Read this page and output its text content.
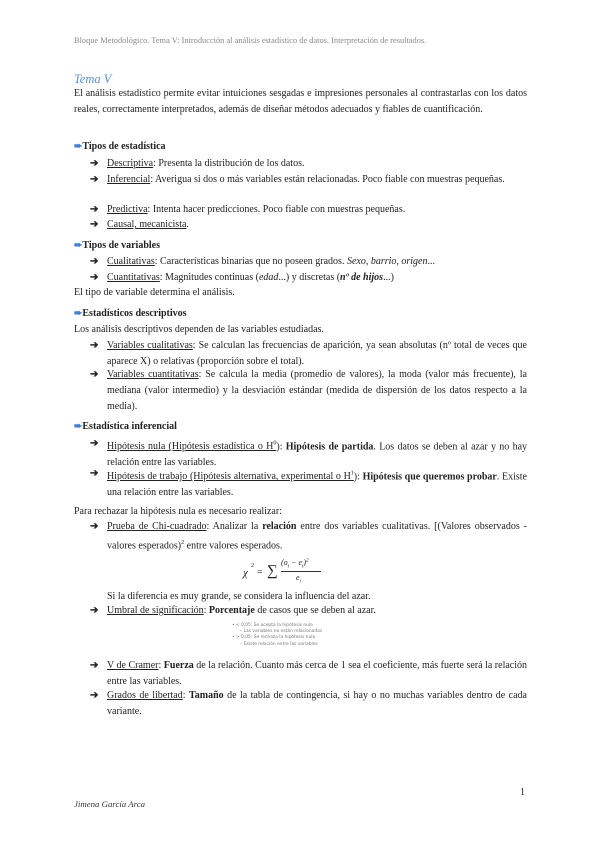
Bloque Metodológico. Tema V: Introducción al análisis estadístico de datos. Interpretación de resultados.
Tema V
El análisis estadístico permite evitar intuiciones sesgadas e impresiones personales al contrastarlas con los datos reales, correctamente interpretados, además de diseñar métodos adecuados y fiables de cuantificación.
➨Tipos de estadística
➔ Descriptiva: Presenta la distribución de los datos.
➔ Inferencial: Averigua si dos o más variables están relacionadas. Poco fiable con muestras pequeñas.
➔ Predictiva: Intenta hacer predicciones. Poco fiable con muestras pequeñas.
➔ Causal, mecanicista.
➨Tipos de variables
➔ Cualitativas: Características binarias que no poseen grados. Sexo, barrio, origen...
➔ Cuantitativas: Magnitudes continuas (edad...) y discretas (nº de hijos...)
El tipo de variable determina el análisis.
➨Estadísticos descriptivos
Los análisis descriptivos dependen de las variables estudiadas.
➔ Variables cualitativas: Se calculan las frecuencias de aparición, ya sean absolutas (nº total de veces que aparece X) o relativas (proporción sobre el total).
➔ Variables cuantitativas: Se calcula la media (promedio de valores), la moda (valor más frecuente), la mediana (valor intermedio) y la desviación estándar (medida de dispersión de los datos respecto a la media).
➨Estadística inferencial
➔ Hipótesis nula (Hipótesis estadística o $H^0$): Hipótesis de partida. Los datos se deben al azar y no hay relación entre las variables.
➔ Hipótesis de trabajo (Hipótesis alternativa, experimental o $H^1$): Hipótesis que queremos probar. Existe una relación entre las variables.
Para rechazar la hipótesis nula es necesario realizar:
➔ Prueba de Chi-cuadrado: Analizar la relación entre dos variables cualitativas. [(Valores observados - valores esperados)$^2$ entre valores esperados.
χ
2
= ∑
$(o_i - e_i)^2$
$e_i$
Si la diferencia es muy grande, se considera la influencia del azar.
➔ Umbral de significación: Porcentaje de casos que se deben al azar.
• < 0,05: Se acepta la hipótesis nula
– Las variables no están relacionadas
• > 0,05: Se rechaza la hipótesis nula
– Existe relación entre las variables
➔ V de Cramer: Fuerza de la relación. Cuanto más cerca de 1 sea el coeficiente, más fuerte será la relación entre las variables.
➔ Grados de libertad: Tamaño de la tabla de contingencia, si hay o no muchas variables dentro de cada variante.
1
Jimena García Arca
